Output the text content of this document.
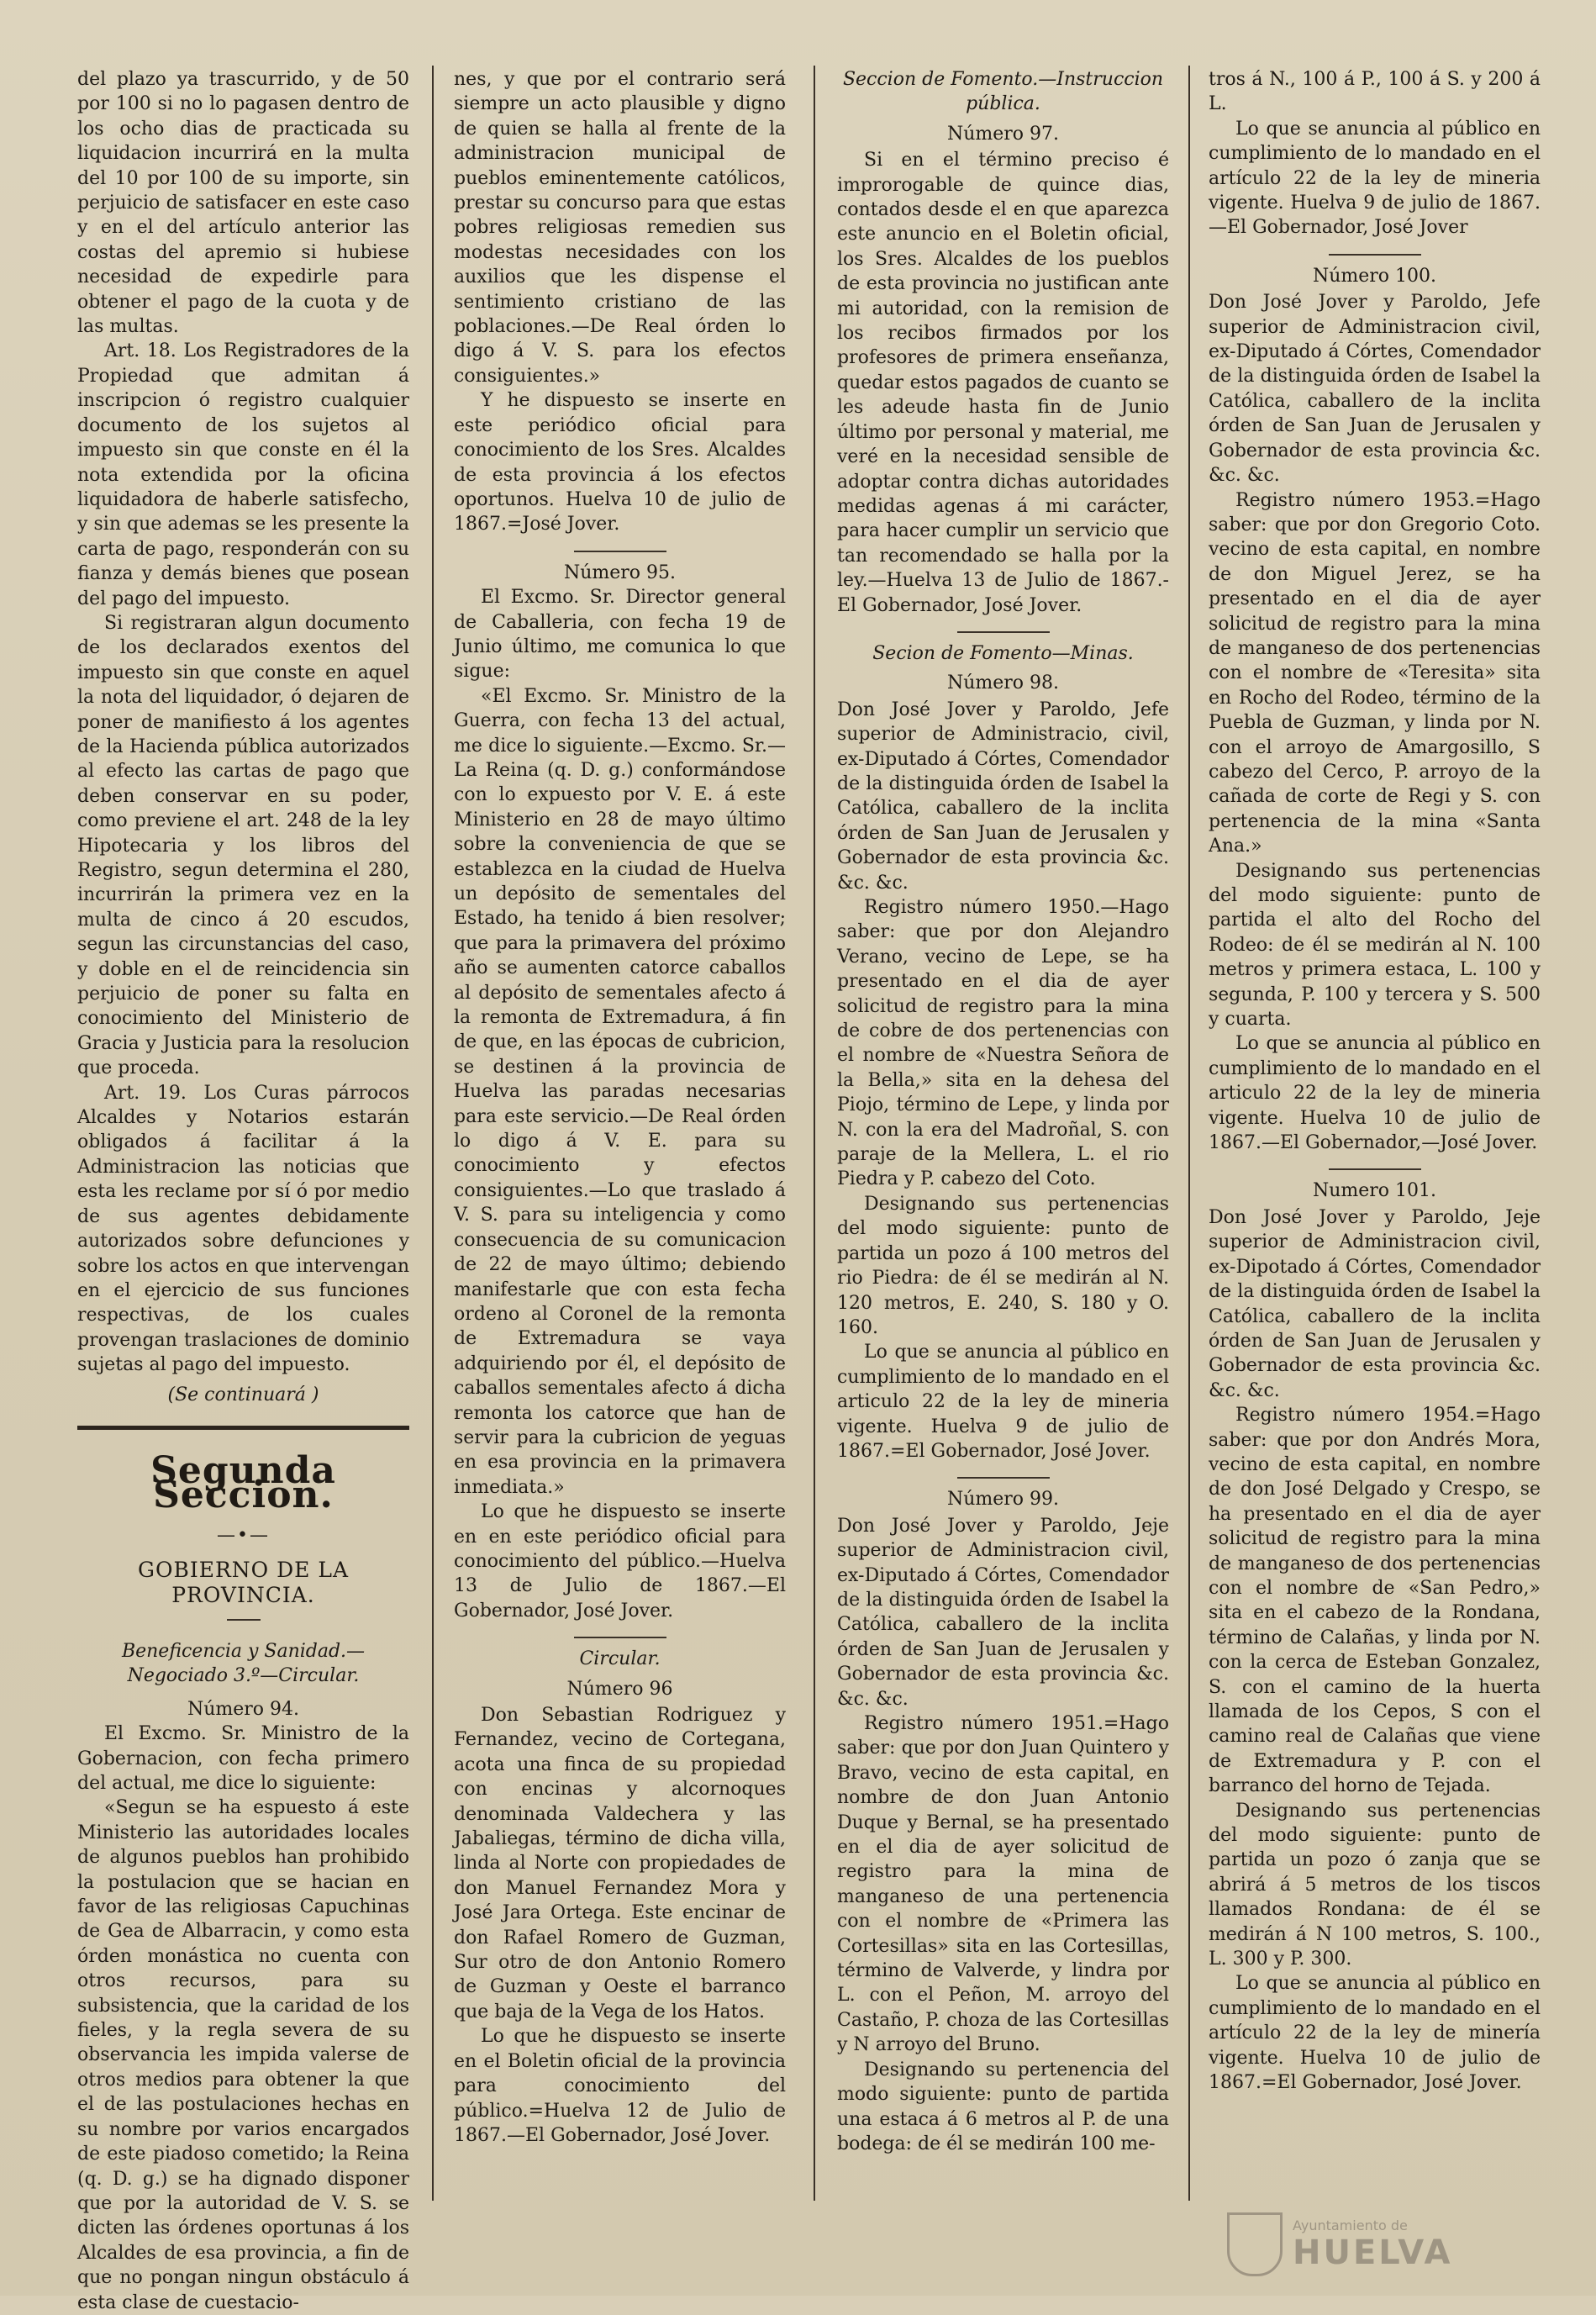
del plazo ya trascurrido, y de 50 por 100 si no lo pagasen dentro de los ocho dias de practicada su liquidacion incurrirá en la multa del 10 por 100 de su importe, sin perjuicio de satisfacer en este caso y en el del artículo anterior las costas del apremio si hubiese necesidad de expedirle para obtener el pago de la cuota y de las multas.

Art. 18. Los Registradores de la Propiedad que admitan á inscripcion ó registro cualquier documento de los sujetos al impuesto sin que conste en él la nota extendida por la oficina liquidadora de haberle satisfecho, y sin que ademas se les presente la carta de pago, responderán con su fianza y demás bienes que posean del pago del impuesto.

Si registraran algun documento de los declarados exentos del impuesto sin que conste en aquel la nota del liquidador, ó dejaren de poner de manifiesto á los agentes de la Hacienda pública autorizados al efecto las cartas de pago que deben conservar en su poder, como previene el art. 248 de la ley Hipotecaria y los libros del Registro, segun determina el 280, incurrirán la primera vez en la multa de cinco á 20 escudos, segun las circunstancias del caso, y doble en el de reincidencia sin perjuicio de poner su falta en conocimiento del Ministerio de Gracia y Justicia para la resolucion que proceda.

Art. 19. Los Curas párrocos Alcaldes y Notarios estarán obligados á facilitar á la Administracion las noticias que esta les reclame por sí ó por medio de sus agentes debidamente autorizados sobre defunciones y sobre los actos en que intervengan en el ejercicio de sus funciones respectivas, de los cuales provengan traslaciones de dominio sujetas al pago del impuesto.

(Se continuará )

Segunda Seccion.
—•—
GOBIERNO DE LA PROVINCIA.

Beneficencia y Sanidad.—Negociado 3.º—Circular.

Número 94.

El Excmo. Sr. Ministro de la Gobernacion, con fecha primero del actual, me dice lo siguiente:

«Segun se ha espuesto á este Ministerio las autoridades locales de algunos pueblos han prohibido la postulacion que se hacian en favor de las religiosas Capuchinas de Gea de Albarracin, y como esta órden monástica no cuenta con otros recursos, para su subsistencia, que la caridad de los fieles, y la regla severa de su observancia les impida valerse de otros medios para obtener la que el de las postulaciones hechas en su nombre por varios encargados de este piadoso cometido; la Reina (q. D. g.) se ha dignado disponer que por la autoridad de V. S. se dicten las órdenes oportunas á los Alcaldes de esa provincia, a fin de que no pongan ningun obstáculo á esta clase de cuestacio-

nes, y que por el contrario será siempre un acto plausible y digno de quien se halla al frente de la administracion municipal de pueblos eminentemente católicos, prestar su concurso para que estas pobres religiosas remedien sus modestas necesidades con los auxilios que les dispense el sentimiento cristiano de las poblaciones.—De Real órden lo digo á V. S. para los efectos consiguientes.»

Y he dispuesto se inserte en este periódico oficial para conocimiento de los Sres. Alcaldes de esta provincia á los efectos oportunos. Huelva 10 de julio de 1867.=José Jover.

Número 95.

El Excmo. Sr. Director general de Caballeria, con fecha 19 de Junio último, me comunica lo que sigue:

«El Excmo. Sr. Ministro de la Guerra, con fecha 13 del actual, me dice lo siguiente.—Excmo. Sr.—La Reina (q. D. g.) conformándose con lo expuesto por V. E. á este Ministerio en 28 de mayo último sobre la conveniencia de que se establezca en la ciudad de Huelva un depósito de sementales del Estado, ha tenido á bien resolver; que para la primavera del próximo año se aumenten catorce caballos al depósito de sementales afecto á la remonta de Extremadura, á fin de que, en las épocas de cubricion, se destinen á la provincia de Huelva las paradas necesarias para este servicio.—De Real órden lo digo á V. E. para su conocimiento y efectos consiguientes.—Lo que traslado á V. S. para su inteligencia y como consecuencia de su comunicacion de 22 de mayo último; debiendo manifestarle que con esta fecha ordeno al Coronel de la remonta de Extremadura se vaya adquiriendo por él, el depósito de caballos sementales afecto á dicha remonta los catorce que han de servir para la cubricion de yeguas en esa provincia en la primavera inmediata.»

Lo que he dispuesto se inserte en en este periódico oficial para conocimiento del público.—Huelva 13 de Julio de 1867.—El Gobernador, José Jover.

Circular.

Número 96

Don Sebastian Rodriguez y Fernandez, vecino de Cortegana, acota una finca de su propiedad con encinas y alcornoques denominada Valdechera y las Jabaliegas, término de dicha villa, linda al Norte con propiedades de don Manuel Fernandez Mora y José Jara Ortega. Este encinar de don Rafael Romero de Guzman, Sur otro de don Antonio Romero de Guzman y Oeste el barranco que baja de la Vega de los Hatos.

Lo que he dispuesto se inserte en el Boletin oficial de la provincia para conocimiento del público.=Huelva 12 de Julio de 1867.—El Gobernador, José Jover.

Seccion de Fomento.—Instruccion pública.

Número 97.

Si en el término preciso é improrogable de quince dias, contados desde el en que aparezca este anuncio en el Boletin oficial, los Sres. Alcaldes de los pueblos de esta provincia no justifican ante mi autoridad, con la remision de los recibos firmados por los profesores de primera enseñanza, quedar estos pagados de cuanto se les adeude hasta fin de Junio último por personal y material, me veré en la necesidad sensible de adoptar contra dichas autoridades medidas agenas á mi carácter, para hacer cumplir un servicio que tan recomendado se halla por la ley.—Huelva 13 de Julio de 1867.-El Gobernador, José Jover.

Secion de Fomento—Minas.

Número 98.

Don José Jover y Paroldo, Jefe superior de Administracio, civil, ex-Diputado á Córtes, Comendador de la distinguida órden de Isabel la Católica, caballero de la inclita órden de San Juan de Jerusalen y Gobernador de esta provincia &c. &c. &c.

Registro número 1950.—Hago saber: que por don Alejandro Verano, vecino de Lepe, se ha presentado en el dia de ayer solicitud de registro para la mina de cobre de dos pertenencias con el nombre de «Nuestra Señora de la Bella,» sita en la dehesa del Piojo, término de Lepe, y linda por N. con la era del Madroñal, S. con paraje de la Mellera, L. el rio Piedra y P. cabezo del Coto.

Designando sus pertenencias del modo siguiente: punto de partida un pozo á 100 metros del rio Piedra: de él se medirán al N. 120 metros, E. 240, S. 180 y O. 160.

Lo que se anuncia al público en cumplimiento de lo mandado en el articulo 22 de la ley de mineria vigente. Huelva 9 de julio de 1867.=El Gobernador, José Jover.

Número 99.

Don José Jover y Paroldo, Jeje superior de Administracion civil, ex-Diputado á Córtes, Comendador de la distinguida órden de Isabel la Católica, caballero de la inclita órden de San Juan de Jerusalen y Gobernador de esta provincia &c. &c. &c.

Registro número 1951.=Hago saber: que por don Juan Quintero y Bravo, vecino de esta capital, en nombre de don Juan Antonio Duque y Bernal, se ha presentado en el dia de ayer solicitud de registro para la mina de manganeso de una pertenencia con el nombre de «Primera las Cortesillas» sita en las Cortesillas, término de Valverde, y lindra por L. con el Peñon, M. arroyo del Castaño, P. choza de las Cortesillas y N arroyo del Bruno.

Designando su pertenencia del modo siguiente: punto de partida una estaca á 6 metros al P. de una bodega: de él se medirán 100 me-

tros á N., 100 á P., 100 á S. y 200 á L.

Lo que se anuncia al público en cumplimiento de lo mandado en el artículo 22 de la ley de mineria vigente. Huelva 9 de julio de 1867.—El Gobernador, José Jover

Número 100.

Don José Jover y Paroldo, Jefe superior de Administracion civil, ex-Diputado á Córtes, Comendador de la distinguida órden de Isabel la Católica, caballero de la inclita órden de San Juan de Jerusalen y Gobernador de esta provincia &c. &c. &c.

Registro número 1953.=Hago saber: que por don Gregorio Coto. vecino de esta capital, en nombre de don Miguel Jerez, se ha presentado en el dia de ayer solicitud de registro para la mina de manganeso de dos pertenencias con el nombre de «Teresita» sita en Rocho del Rodeo, término de la Puebla de Guzman, y linda por N. con el arroyo de Amargosillo, S cabezo del Cerco, P. arroyo de la cañada de corte de Regi y S. con pertenencia de la mina «Santa Ana.»

Designando sus pertenencias del modo siguiente: punto de partida el alto del Rocho del Rodeo: de él se medirán al N. 100 metros y primera estaca, L. 100 y segunda, P. 100 y tercera y S. 500 y cuarta.

Lo que se anuncia al público en cumplimiento de lo mandado en el articulo 22 de la ley de mineria vigente. Huelva 10 de julio de 1867.—El Gobernador,—José Jover.

Numero 101.

Don José Jover y Paroldo, Jeje superior de Administracion civil, ex-Dipotado á Córtes, Comendador de la distinguida órden de Isabel la Católica, caballero de la inclita órden de San Juan de Jerusalen y Gobernador de esta provincia &c. &c. &c.

Registro número 1954.=Hago saber: que por don Andrés Mora, vecino de esta capital, en nombre de don José Delgado y Crespo, se ha presentado en el dia de ayer solicitud de registro para la mina de manganeso de dos pertenencias con el nombre de «San Pedro,» sita en el cabezo de la Rondana, término de Calañas, y linda por N. con la cerca de Esteban Gonzalez, S. con el camino de la huerta llamada de los Cepos, S con el camino real de Calañas que viene de Extremadura y P. con el barranco del horno de Tejada.

Designando sus pertenencias del modo siguiente: punto de partida un pozo ó zanja que se abrirá á 5 metros de los tiscos llamados Rondana: de él se medirán á N 100 metros, S. 100., L. 300 y P. 300.

Lo que se anuncia al público en cumplimiento de lo mandado en el artículo 22 de la ley de minería vigente. Huelva 10 de julio de 1867.=El Gobernador, José Jover.

Ayuntamiento de
HUELVA
